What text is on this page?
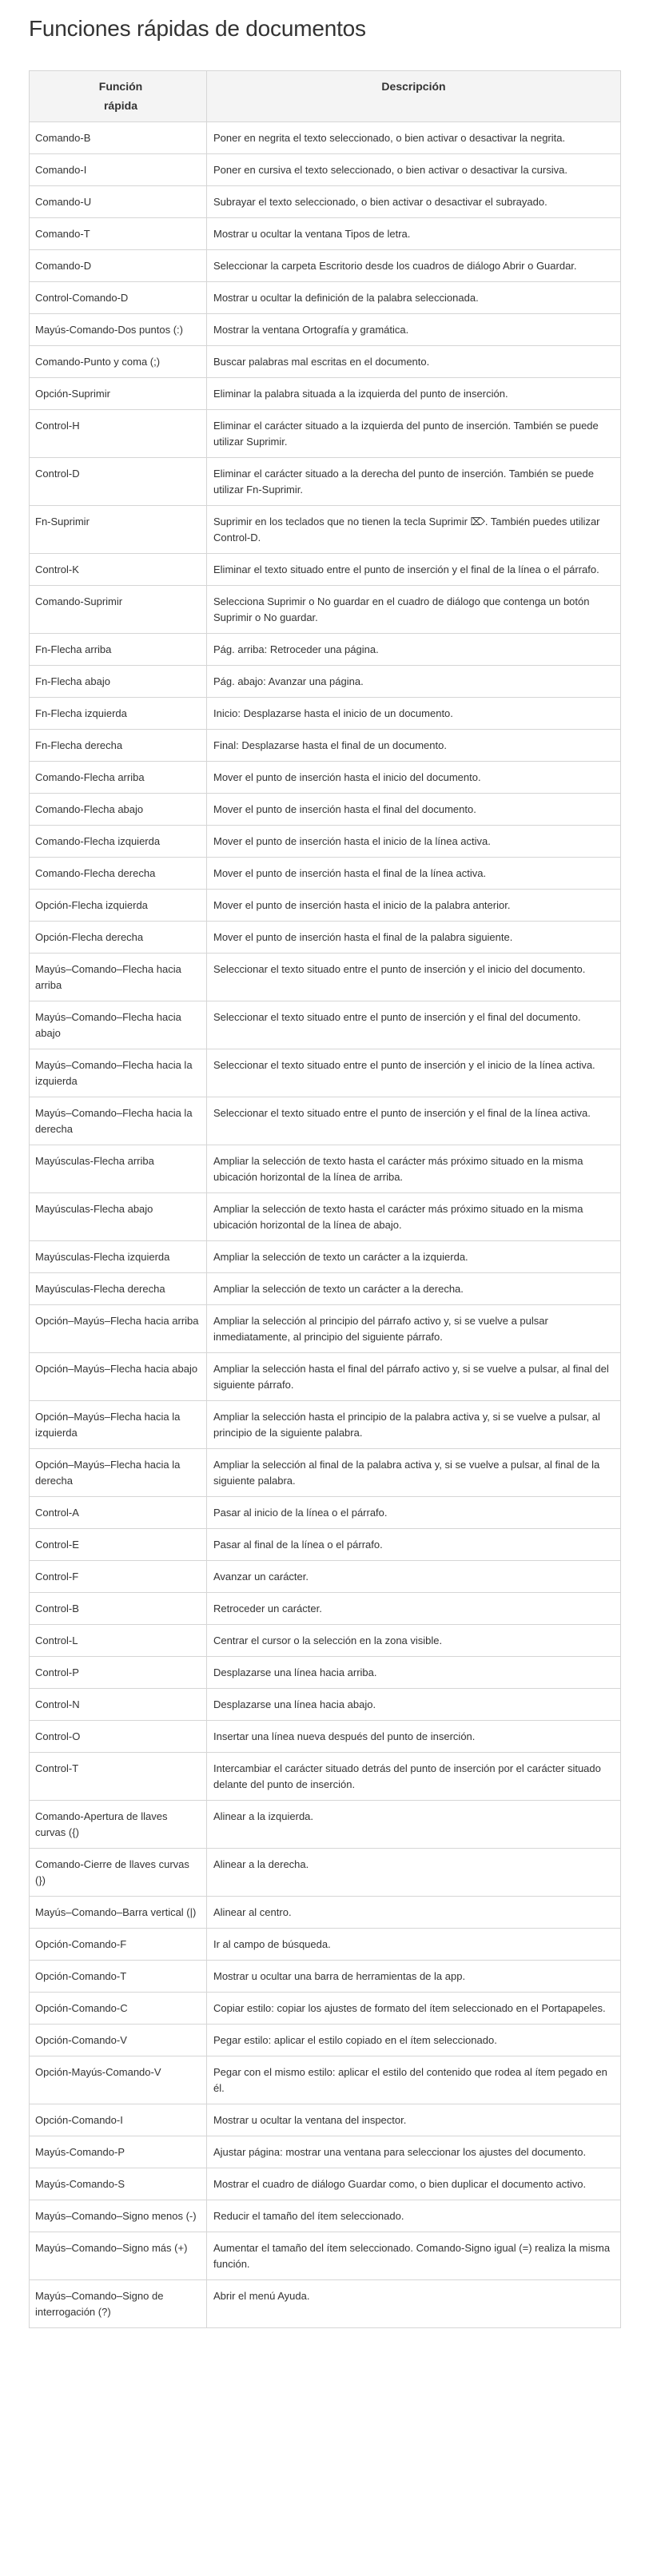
Funciones rápidas de documentos
Función rápida	Descripción
Comando-B	Poner en negrita el texto seleccionado, o bien activar o desactivar la negrita.
Comando-I	Poner en cursiva el texto seleccionado, o bien activar o desactivar la cursiva.
Comando-U	Subrayar el texto seleccionado, o bien activar o desactivar el subrayado.
Comando-T	Mostrar u ocultar la ventana Tipos de letra.
Comando-D	Seleccionar la carpeta Escritorio desde los cuadros de diálogo Abrir o Guardar.
Control-Comando-D	Mostrar u ocultar la definición de la palabra seleccionada.
Mayús-Comando-Dos puntos (:)	Mostrar la ventana Ortografía y gramática.
Comando-Punto y coma (;)	Buscar palabras mal escritas en el documento.
Opción-Suprimir	Eliminar la palabra situada a la izquierda del punto de inserción.
Control-H	Eliminar el carácter situado a la izquierda del punto de inserción. También se puede utilizar Suprimir.
Control-D	Eliminar el carácter situado a la derecha del punto de inserción. También se puede utilizar Fn-Suprimir.
Fn-Suprimir	Suprimir en los teclados que no tienen la tecla Suprimir ⌦. También puedes utilizar Control-D.
Control-K	Eliminar el texto situado entre el punto de inserción y el final de la línea o el párrafo.
Comando-Suprimir	Selecciona Suprimir o No guardar en el cuadro de diálogo que contenga un botón Suprimir o No guardar.
Fn-Flecha arriba	Pág. arriba: Retroceder una página.
Fn-Flecha abajo	Pág. abajo: Avanzar una página.
Fn-Flecha izquierda	Inicio: Desplazarse hasta el inicio de un documento.
Fn-Flecha derecha	Final: Desplazarse hasta el final de un documento.
Comando-Flecha arriba	Mover el punto de inserción hasta el inicio del documento.
Comando-Flecha abajo	Mover el punto de inserción hasta el final del documento.
Comando-Flecha izquierda	Mover el punto de inserción hasta el inicio de la línea activa.
Comando-Flecha derecha	Mover el punto de inserción hasta el final de la línea activa.
Opción-Flecha izquierda	Mover el punto de inserción hasta el inicio de la palabra anterior.
Opción-Flecha derecha	Mover el punto de inserción hasta el final de la palabra siguiente.
Mayús–Comando–Flecha hacia arriba	Seleccionar el texto situado entre el punto de inserción y el inicio del documento.
Mayús–Comando–Flecha hacia abajo	Seleccionar el texto situado entre el punto de inserción y el final del documento.
Mayús–Comando–Flecha hacia la izquierda	Seleccionar el texto situado entre el punto de inserción y el inicio de la línea activa.
Mayús–Comando–Flecha hacia la derecha	Seleccionar el texto situado entre el punto de inserción y el final de la línea activa.
Mayúsculas-Flecha arriba	Ampliar la selección de texto hasta el carácter más próximo situado en la misma ubicación horizontal de la línea de arriba.
Mayúsculas-Flecha abajo	Ampliar la selección de texto hasta el carácter más próximo situado en la misma ubicación horizontal de la línea de abajo.
Mayúsculas-Flecha izquierda	Ampliar la selección de texto un carácter a la izquierda.
Mayúsculas-Flecha derecha	Ampliar la selección de texto un carácter a la derecha.
Opción–Mayús–Flecha hacia arriba	Ampliar la selección al principio del párrafo activo y, si se vuelve a pulsar inmediatamente, al principio del siguiente párrafo.
Opción–Mayús–Flecha hacia abajo	Ampliar la selección hasta el final del párrafo activo y, si se vuelve a pulsar, al final del siguiente párrafo.
Opción–Mayús–Flecha hacia la izquierda	Ampliar la selección hasta el principio de la palabra activa y, si se vuelve a pulsar, al principio de la siguiente palabra.
Opción–Mayús–Flecha hacia la derecha	Ampliar la selección al final de la palabra activa y, si se vuelve a pulsar, al final de la siguiente palabra.
Control-A	Pasar al inicio de la línea o el párrafo.
Control-E	Pasar al final de la línea o el párrafo.
Control-F	Avanzar un carácter.
Control-B	Retroceder un carácter.
Control-L	Centrar el cursor o la selección en la zona visible.
Control-P	Desplazarse una línea hacia arriba.
Control-N	Desplazarse una línea hacia abajo.
Control-O	Insertar una línea nueva después del punto de inserción.
Control-T	Intercambiar el carácter situado detrás del punto de inserción por el carácter situado delante del punto de inserción.
Comando-Apertura de llaves curvas ({)	Alinear a la izquierda.
Comando-Cierre de llaves curvas (})	Alinear a la derecha.
Mayús–Comando–Barra vertical (|)	Alinear al centro.
Opción-Comando-F	Ir al campo de búsqueda.
Opción-Comando-T	Mostrar u ocultar una barra de herramientas de la app.
Opción-Comando-C	Copiar estilo: copiar los ajustes de formato del ítem seleccionado en el Portapapeles.
Opción-Comando-V	Pegar estilo: aplicar el estilo copiado en el ítem seleccionado.
Opción-Mayús-Comando-V	Pegar con el mismo estilo: aplicar el estilo del contenido que rodea al ítem pegado en él.
Opción-Comando-I	Mostrar u ocultar la ventana del inspector.
Mayús-Comando-P	Ajustar página: mostrar una ventana para seleccionar los ajustes del documento.
Mayús-Comando-S	Mostrar el cuadro de diálogo Guardar como, o bien duplicar el documento activo.
Mayús–Comando–Signo menos (-)	Reducir el tamaño del ítem seleccionado.
Mayús–Comando–Signo más (+)	Aumentar el tamaño del ítem seleccionado. Comando-Signo igual (=) realiza la misma función.
Mayús–Comando–Signo de interrogación (?)	Abrir el menú Ayuda.
